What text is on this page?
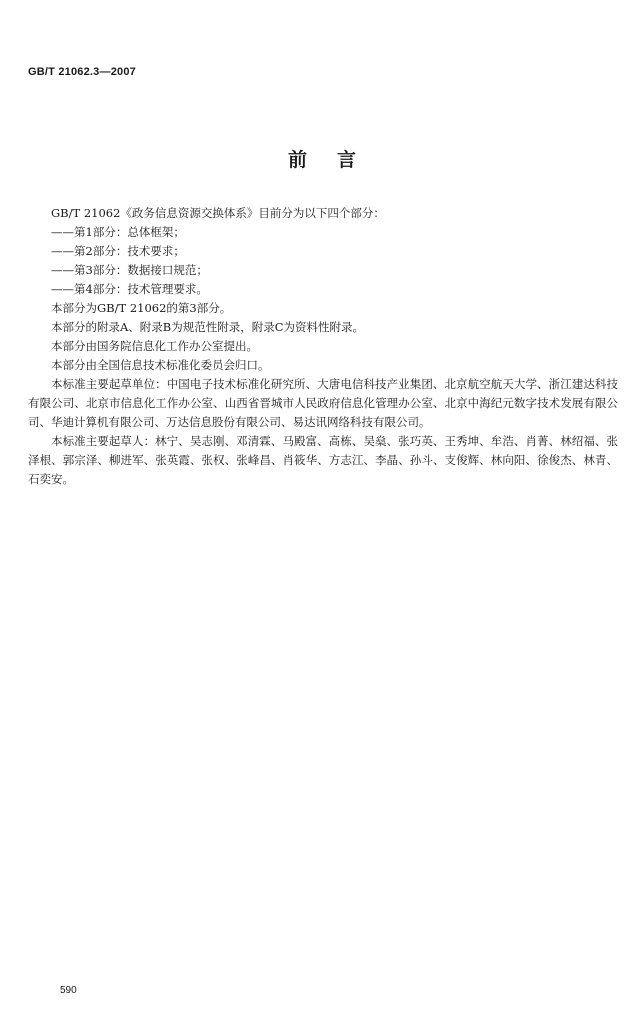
GB/T 21062.3—2007
前言

GB/T 21062《政务信息资源交换体系》目前分为以下四个部分：

——第1部分：总体框架；

——第2部分：技术要求；

——第3部分：数据接口规范；

——第4部分：技术管理要求。

本部分为GB/T 21062的第3部分。

本部分的附录A、附录B为规范性附录，附录C为资料性附录。

本部分由国务院信息化工作办公室提出。

本部分由全国信息技术标准化委员会归口。

本标准主要起草单位：中国电子技术标准化研究所、大唐电信科技产业集团、北京航空航天大学、浙江建达科技有限公司、北京市信息化工作办公室、山西省晋城市人民政府信息化管理办公室、北京中海纪元数字技术发展有限公司、华迪计算机有限公司、万达信息股份有限公司、易达讯网络科技有限公司。

本标准主要起草人：林宁、吴志刚、邓清霖、马殿富、高栋、吴燊、张巧英、王秀坤、牟浩、肖菁、林绍福、张泽根、郭宗泽、柳进军、张英霞、张权、张峰昌、肖筱华、方志江、李晶、孙斗、支俊辉、林向阳、徐俊杰、林青、石奕安。

590
